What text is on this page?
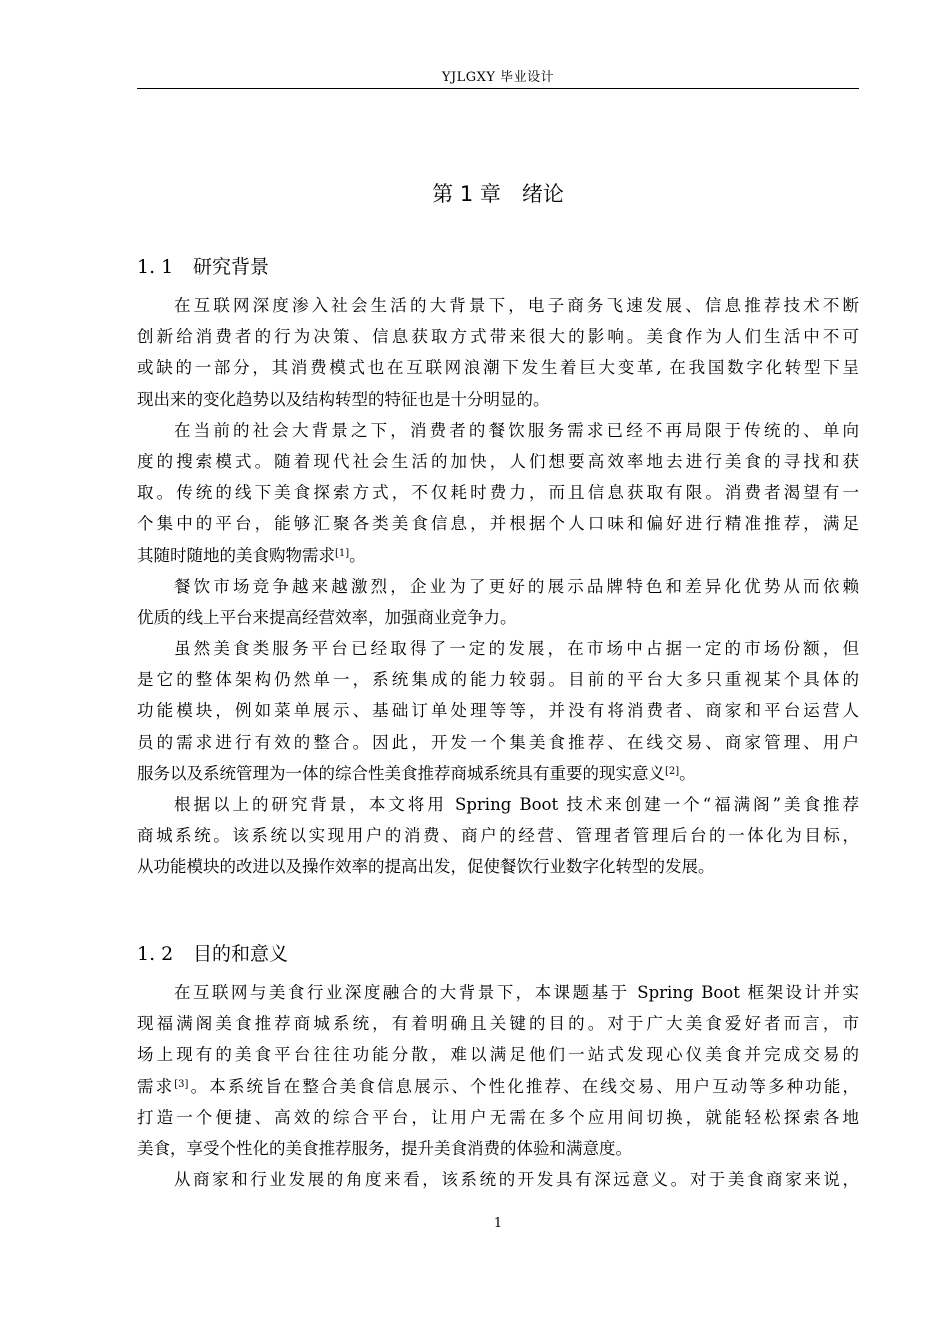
YJLGXY 毕业设计
第 1 章　绪论
1. 1 研究背景
在互联网深度渗入社会生活的大背景下，电子商务飞速发展、信息推荐技术不断
创新给消费者的行为决策、信息获取方式带来很大的影响。美食作为人们生活中不可
或缺的一部分，其消费模式也在互联网浪潮下发生着巨大变革, 在我国数字化转型下呈
现出来的变化趋势以及结构转型的特征也是十分明显的。
在当前的社会大背景之下，消费者的餐饮服务需求已经不再局限于传统的、单向
度的搜索模式。随着现代社会生活的加快，人们想要高效率地去进行美食的寻找和获
取。传统的线下美食探索方式，不仅耗时费力，而且信息获取有限。消费者渴望有一
个集中的平台，能够汇聚各类美食信息，并根据个人口味和偏好进行精准推荐，满足
其随时随地的美食购物需求[1]。
餐饮市场竞争越来越激烈，企业为了更好的展示品牌特色和差异化优势从而依赖
优质的线上平台来提高经营效率，加强商业竞争力。
虽然美食类服务平台已经取得了一定的发展，在市场中占据一定的市场份额，但
是它的整体架构仍然单一，系统集成的能力较弱。目前的平台大多只重视某个具体的
功能模块，例如菜单展示、基础订单处理等等，并没有将消费者、商家和平台运营人
员的需求进行有效的整合。因此，开发一个集美食推荐、在线交易、商家管理、用户
服务以及系统管理为一体的综合性美食推荐商城系统具有重要的现实意义[2]。
根据以上的研究背景，本文将用 Spring Boot 技术来创建一个“福满阁”美食推荐
商城系统。该系统以实现用户的消费、商户的经营、管理者管理后台的一体化为目标，
从功能模块的改进以及操作效率的提高出发，促使餐饮行业数字化转型的发展。
1. 2 目的和意义
在互联网与美食行业深度融合的大背景下，本课题基于 Spring Boot 框架设计并实
现福满阁美食推荐商城系统，有着明确且关键的目的。对于广大美食爱好者而言，市
场上现有的美食平台往往功能分散，难以满足他们一站式发现心仪美食并完成交易的
需求[3]。本系统旨在整合美食信息展示、个性化推荐、在线交易、用户互动等多种功能，
打造一个便捷、高效的综合平台，让用户无需在多个应用间切换，就能轻松探索各地
美食，享受个性化的美食推荐服务，提升美食消费的体验和满意度。
从商家和行业发展的角度来看，该系统的开发具有深远意义。对于美食商家来说，
1
